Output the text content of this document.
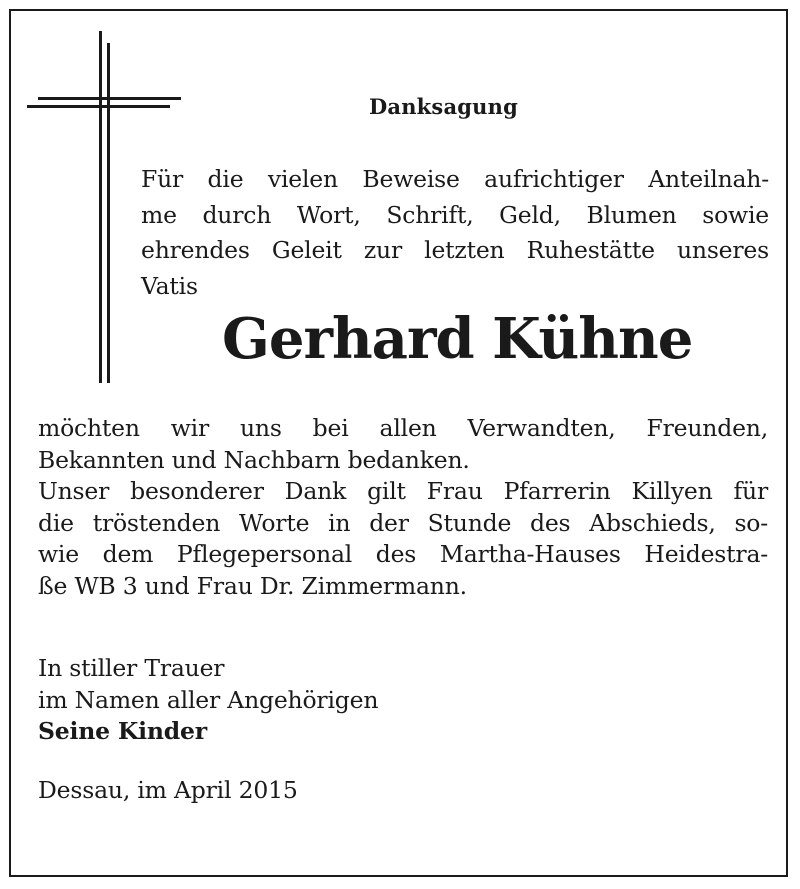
Danksagung
Für die vielen Beweise aufrichtiger Anteilnah-
me durch Wort, Schrift, Geld, Blumen sowie
ehrendes Geleit zur letzten Ruhestätte unseres
Vatis
Gerhard Kühne
möchten wir uns bei allen Verwandten, Freunden,
Bekannten und Nachbarn bedanken.
Unser besonderer Dank gilt Frau Pfarrerin Killyen für
die tröstenden Worte in der Stunde des Abschieds, so-
wie dem Pflegepersonal des Martha-Hauses Heidestra-
ße WB 3 und Frau Dr. Zimmermann.
In stiller Trauer
im Namen aller Angehörigen
Seine Kinder
Dessau, im April 2015
